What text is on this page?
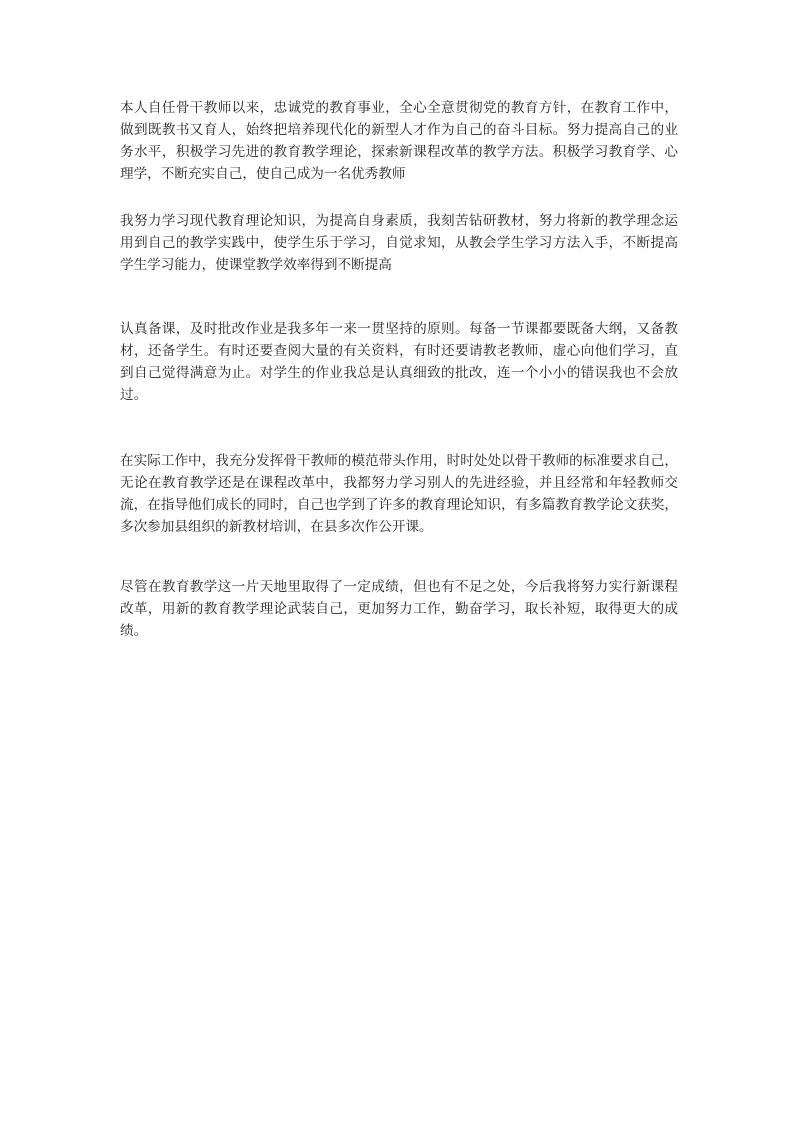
本人自任骨干教师以来，忠诚党的教育事业，全心全意贯彻党的教育方针，在教育工作中，
做到既教书又育人，始终把培养现代化的新型人才作为自己的奋斗目标。努力提高自己的业
务水平，积极学习先进的教育教学理论，探索新课程改革的教学方法。积极学习教育学、心
理学，不断充实自己，使自己成为一名优秀教师
我努力学习现代教育理论知识，为提高自身素质，我刻苦钻研教材，努力将新的教学理念运
用到自己的教学实践中，使学生乐于学习，自觉求知，从教会学生学习方法入手，不断提高
学生学习能力，使课堂教学效率得到不断提高
认真备课，及时批改作业是我多年一来一贯坚持的原则。每备一节课都要既备大纲，又备教
材，还备学生。有时还要查阅大量的有关资料，有时还要请教老教师，虚心向他们学习，直
到自己觉得满意为止。对学生的作业我总是认真细致的批改，连一个小小的错误我也不会放
过。
在实际工作中，我充分发挥骨干教师的模范带头作用，时时处处以骨干教师的标准要求自己，
无论在教育教学还是在课程改革中，我都努力学习别人的先进经验，并且经常和年轻教师交
流，在指导他们成长的同时，自己也学到了许多的教育理论知识，有多篇教育教学论文获奖，
多次参加县组织的新教材培训，在县多次作公开课。
尽管在教育教学这一片天地里取得了一定成绩，但也有不足之处，今后我将努力实行新课程
改革，用新的教育教学理论武装自己，更加努力工作，勤奋学习，取长补短，取得更大的成
绩。
